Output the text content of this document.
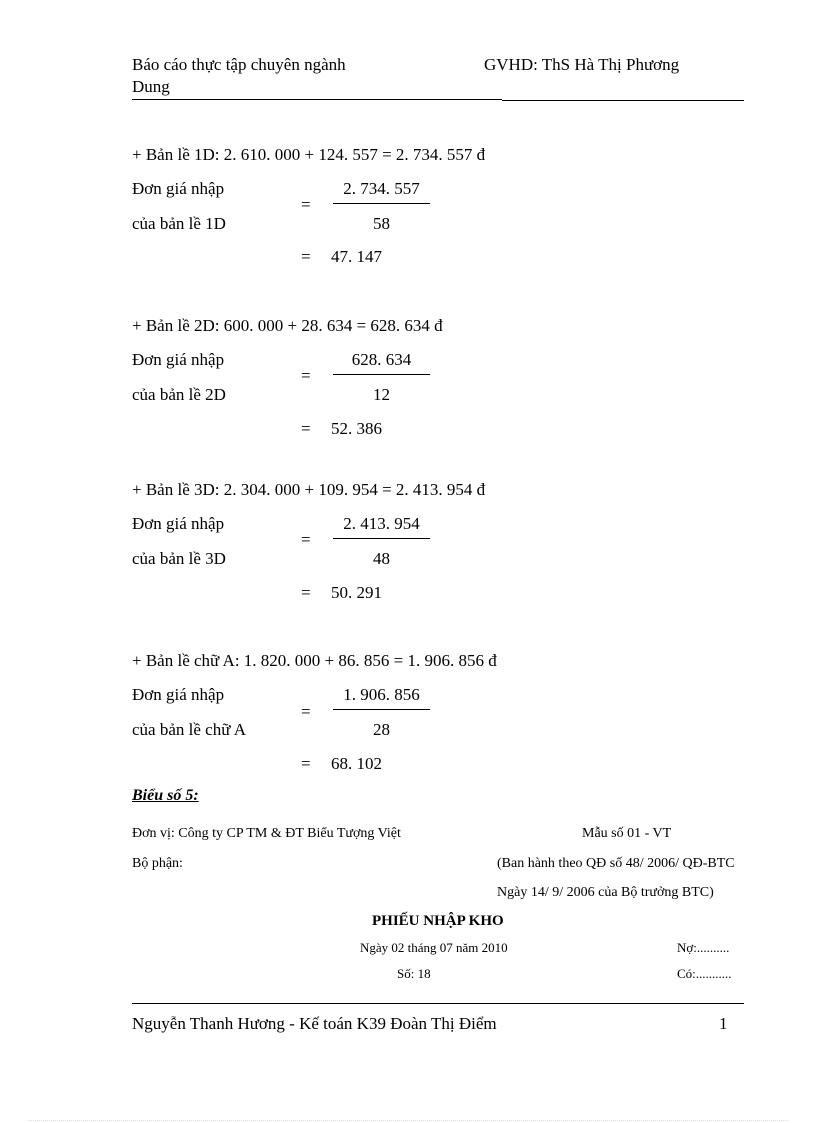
Báo cáo thực tập chuyên ngành
Dung
GVHD: ThS Hà Thị Phương
+ Bản lề 1D: 2. 610. 000 + 124. 557 = 2. 734. 557 đ
Đơn giá nhập
của bản lề 1D
=
2. 734. 557
58
= 47. 147
+ Bản lề 2D: 600. 000 + 28. 634 = 628. 634 đ
Đơn giá nhập
của bản lề 2D
=
628. 634
12
= 52. 386
+ Bản lề 3D: 2. 304. 000 + 109. 954 = 2. 413. 954 đ
Đơn giá nhập
của bản lề 3D
=
2. 413. 954
48
= 50. 291
+ Bản lề chữ A: 1. 820. 000 + 86. 856 = 1. 906. 856 đ
Đơn giá nhập
của bản lề chữ A
=
1. 906. 856
28
= 68. 102
Biểu số 5:
Đơn vị: Công ty CP TM & ĐT Biểu Tượng Việt	Mẫu số 01 - VT
Bộ phận:	(Ban hành theo QĐ số 48/ 2006/ QĐ-BTC
Ngày 14/ 9/ 2006 của Bộ trưởng BTC)
PHIẾU NHẬP KHO
Ngày 02 tháng 07 năm 2010	Nợ:..........
Số: 18	Có:...........
Nguyễn Thanh Hương - Kế toán K39 Đoàn Thị Điểm	1
